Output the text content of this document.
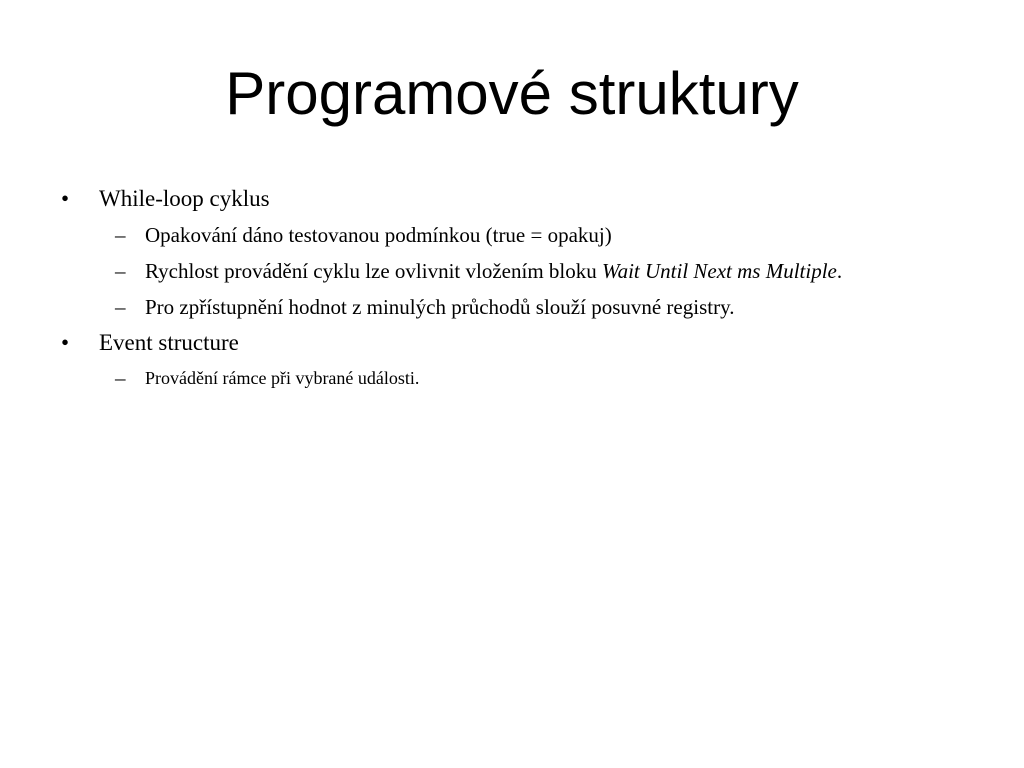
Programové struktury
• While-loop cyklus
– Opakování dáno testovanou podmínkou (true = opakuj)
– Rychlost provádění cyklu lze ovlivnit vložením bloku Wait Until Next ms Multiple.
– Pro zpřístupnění hodnot z minulých průchodů slouží posuvné registry.
• Event structure
– Provádění rámce při vybrané události.
